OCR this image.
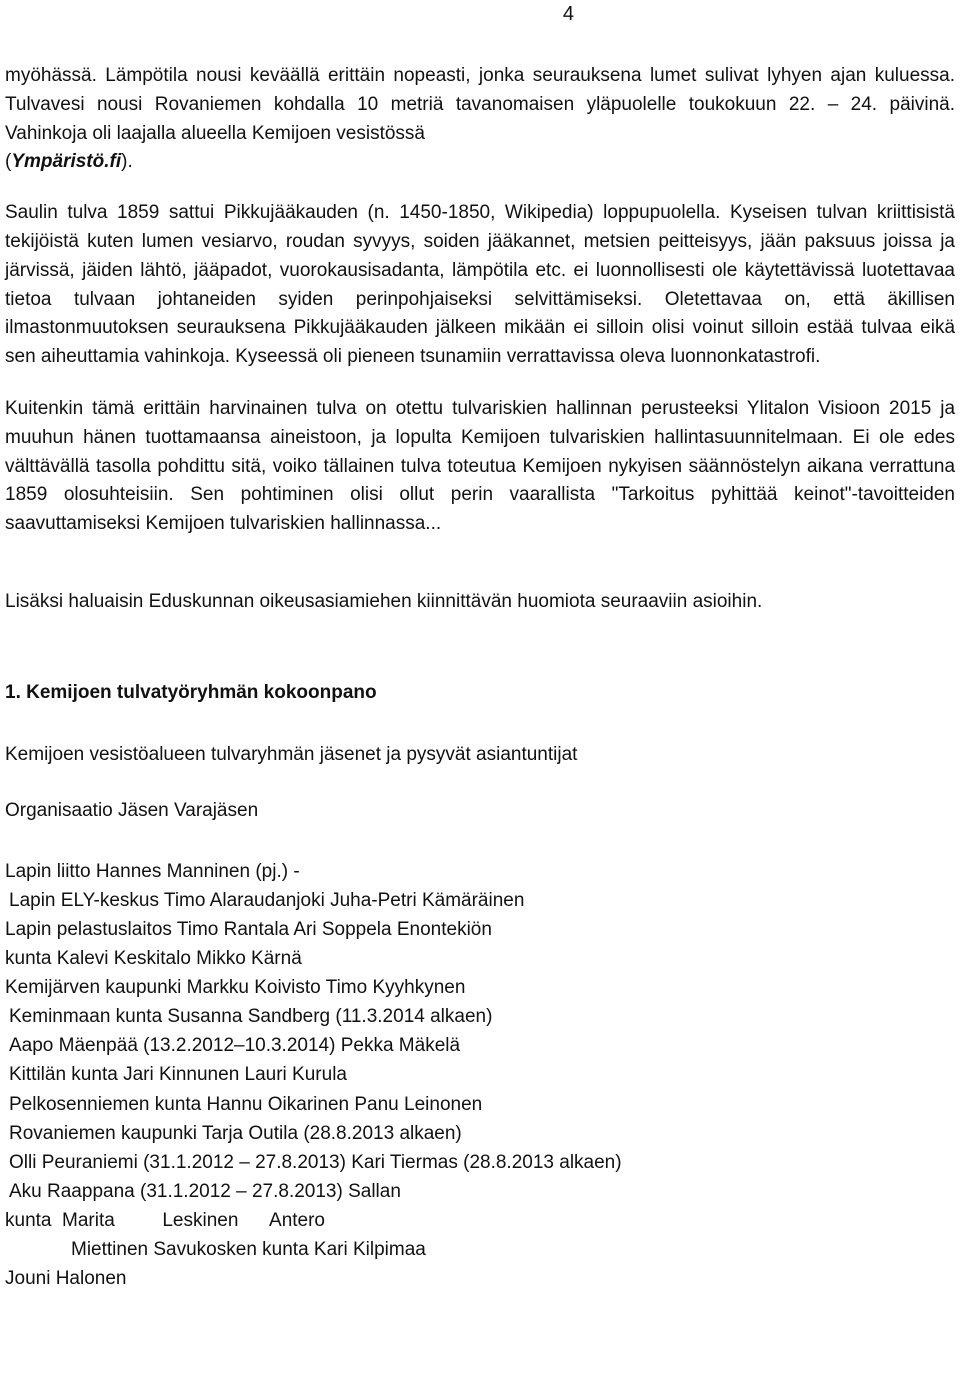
4

myöhässä. Lämpötila nousi keväällä erittäin nopeasti, jonka seurauksena lumet sulivat lyhyen ajan kuluessa. Tulvavesi nousi Rovaniemen kohdalla 10 metriä tavanomaisen yläpuolelle toukokuun 22. – 24. päivinä. Vahinkoja oli laajalla alueella Kemijoen vesistössä
(Ympäristö.fi).

Saulin tulva 1859 sattui Pikkujääkauden (n. 1450-1850, Wikipedia) loppupuolella. Kyseisen tulvan kriittisistä tekijöistä kuten lumen vesiarvo, roudan syvyys, soiden jääkannet, metsien peitteisyys, jään paksuus joissa ja järvissä, jäiden lähtö, jääpadot, vuorokausisadanta, lämpötila etc. ei luonnollisesti ole käytettävissä luotettavaa tietoa tulvaan johtaneiden syiden perinpohjaiseksi selvittämiseksi. Oletettavaa on, että äkillisen ilmastonmuutoksen seurauksena Pikkujääkauden jälkeen mikään ei silloin olisi voinut silloin estää tulvaa eikä sen aiheuttamia vahinkoja. Kyseessä oli pieneen tsunamiin verrattavissa oleva luonnonkatastrofi.

Kuitenkin tämä erittäin harvinainen tulva on otettu tulvariskien hallinnan perusteeksi Ylitalon Visioon 2015 ja muuhun hänen tuottamaansa aineistoon, ja lopulta Kemijoen tulvariskien hallintasuunnitelmaan. Ei ole edes välttävällä tasolla pohdittu sitä, voiko tällainen tulva toteutua Kemijoen nykyisen säännöstelyn aikana verrattuna 1859 olosuhteisiin. Sen pohtiminen olisi ollut perin vaarallista "Tarkoitus pyhittää keinot"-tavoitteiden saavuttamiseksi Kemijoen tulvariskien hallinnassa...

Lisäksi haluaisin Eduskunnan oikeusasiamiehen kiinnittävän huomiota seuraaviin asioihin.

1. Kemijoen tulvatyöryhmän kokoonpano

Kemijoen vesistöalueen tulvaryhmän jäsenet ja pysyvät asiantuntijat

Organisaatio Jäsen Varajäsen

Lapin liitto Hannes Manninen (pj.) -

Lapin ELY-keskus Timo Alaraudanjoki Juha-Petri Kämäräinen

Lapin pelastuslaitos Timo Rantala Ari Soppela Enontekiön

kunta Kalevi Keskitalo Mikko Kärnä

Kemijärven kaupunki Markku Koivisto Timo Kyyhkynen

Keminmaan kunta Susanna Sandberg (11.3.2014 alkaen)

Aapo Mäenpää (13.2.2012–10.3.2014) Pekka Mäkelä

Kittilän kunta Jari Kinnunen Lauri Kurula

Pelkosenniemen kunta Hannu Oikarinen Panu Leinonen

Rovaniemen kaupunki Tarja Outila (28.8.2013 alkaen)

Olli Peuraniemi (31.1.2012 – 27.8.2013) Kari Tiermas (28.8.2013 alkaen)

Aku Raappana (31.1.2012 – 27.8.2013) Sallan

kunta  Marita         Leskinen      Antero

Miettinen Savukosken kunta Kari Kilpimaa

Jouni Halonen
